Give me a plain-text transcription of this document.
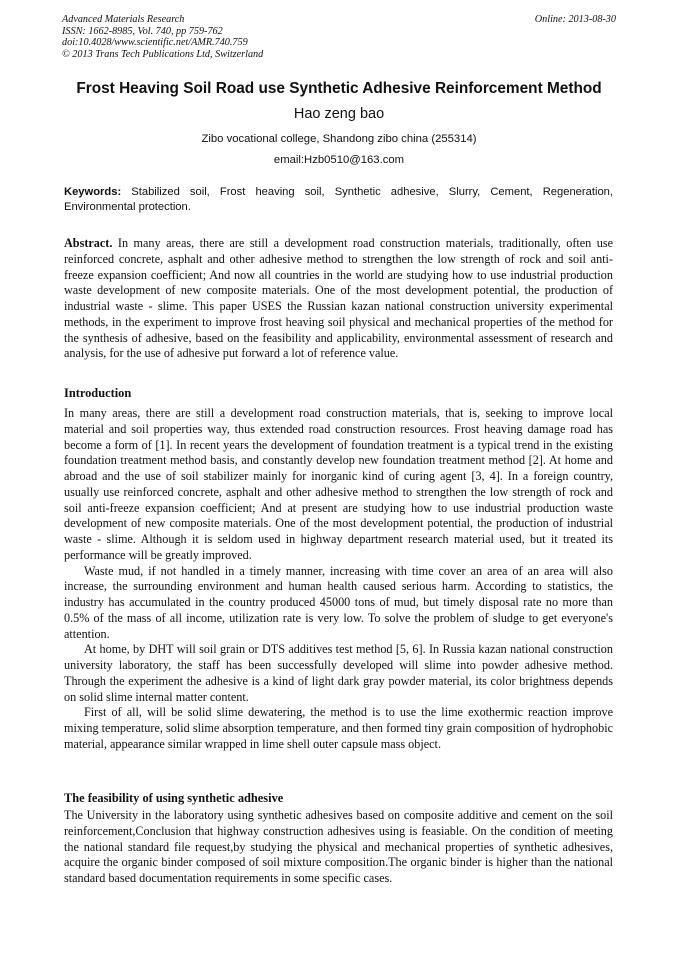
Advanced Materials Research
ISSN: 1662-8985, Vol. 740, pp 759-762
doi:10.4028/www.scientific.net/AMR.740.759
© 2013 Trans Tech Publications Ltd, Switzerland
Online: 2013-08-30
Frost Heaving Soil Road use Synthetic Adhesive Reinforcement Method
Hao zeng bao
Zibo vocational college, Shandong zibo china (255314)
email:Hzb0510@163.com
Keywords: Stabilized soil, Frost heaving soil, Synthetic adhesive, Slurry, Cement, Regeneration, Environmental protection.

Abstract. In many areas, there are still a development road construction materials, traditionally, often use reinforced concrete, asphalt and other adhesive method to strengthen the low strength of rock and soil anti-freeze expansion coefficient; And now all countries in the world are studying how to use industrial production waste development of new composite materials. One of the most development potential, the production of industrial waste - slime. This paper USES the Russian kazan national construction university experimental methods, in the experiment to improve frost heaving soil physical and mechanical properties of the method for the synthesis of adhesive, based on the feasibility and applicability, environmental assessment of research and analysis, for the use of adhesive put forward a lot of reference value.

Introduction

In many areas, there are still a development road construction materials, that is, seeking to improve local material and soil properties way, thus extended road construction resources. Frost heaving damage road has become a form of [1]. In recent years the development of foundation treatment is a typical trend in the existing foundation treatment method basis, and constantly develop new foundation treatment method [2]. At home and abroad and the use of soil stabilizer mainly for inorganic kind of curing agent [3, 4]. In a foreign country, usually use reinforced concrete, asphalt and other adhesive method to strengthen the low strength of rock and soil anti-freeze expansion coefficient; And at present are studying how to use industrial production waste development of new composite materials. One of the most development potential, the production of industrial waste - slime. Although it is seldom used in highway department research material used, but it treated its performance will be greatly improved.

Waste mud, if not handled in a timely manner, increasing with time cover an area of an area will also increase, the surrounding environment and human health caused serious harm. According to statistics, the industry has accumulated in the country produced 45000 tons of mud, but timely disposal rate no more than 0.5% of the mass of all income, utilization rate is very low. To solve the problem of sludge to get everyone's attention.

At home, by DHT will soil grain or DTS additives test method [5, 6]. In Russia kazan national construction university laboratory, the staff has been successfully developed will slime into powder adhesive method. Through the experiment the adhesive is a kind of light dark gray powder material, its color brightness depends on solid slime internal matter content.

First of all, will be solid slime dewatering, the method is to use the lime exothermic reaction improve mixing temperature, solid slime absorption temperature, and then formed tiny grain composition of hydrophobic material, appearance similar wrapped in lime shell outer capsule mass object.

The feasibility of using synthetic adhesive

The University in the laboratory using synthetic adhesives based on composite additive and cement on the soil reinforcement,Conclusion that highway construction adhesives using is feasiable. On the condition of meeting the national standard file request,by studying the physical and mechanical properties of synthetic adhesives, acquire the organic binder composed of soil mixture composition.The organic binder is higher than the national standard based documentation requirements in some specific cases.
